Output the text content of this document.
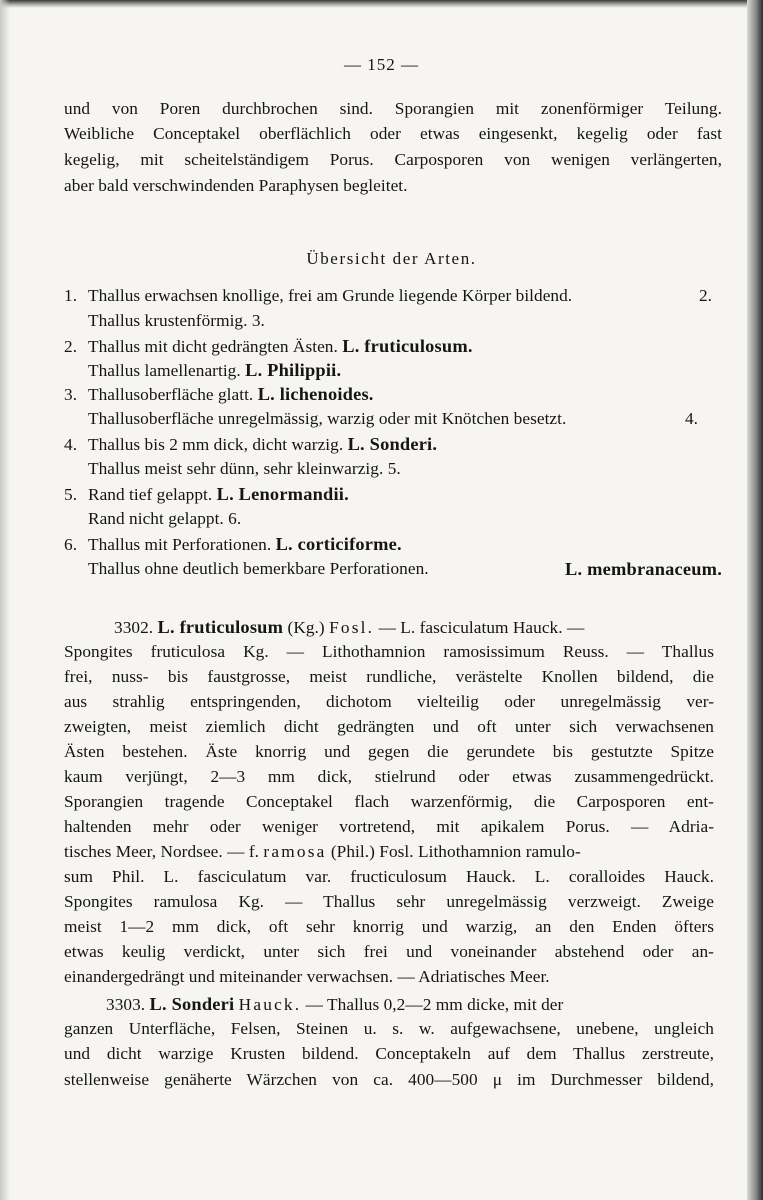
— 152 —
und von Poren durchbrochen sind. Sporangien mit zonenförmiger Teilung.
Weibliche Conceptakel oberflächlich oder etwas eingesenkt, kegelig oder fast
kegelig, mit scheitelständigem Porus. Carposporen von wenigen verlängerten,
aber bald verschwindenden Paraphysen begleitet.
Übersicht der Arten.
1. Thallus erwachsen knollige, frei am Grunde liegende Körper bildend.	2.
Thallus krustenförmig. 3.
2. Thallus mit dicht gedrängten Ästen. L. fruticulosum.
Thallus lamellenartig. L. Philippii.
3. Thallusoberfläche glatt. L. lichenoides.
Thallusoberfläche unregelmässig, warzig oder mit Knötchen besetzt.	4.
4. Thallus bis 2 mm dick, dicht warzig. L. Sonderi.
Thallus meist sehr dünn, sehr kleinwarzig. 5.
5. Rand tief gelappt. L. Lenormandii.
Rand nicht gelappt. 6.
6. Thallus mit Perforationen. L. corticiforme.
Thallus ohne deutlich bemerkbare Perforationen.	L. membranaceum.
3302. L. fruticulosum (Kg.) Fosl. — L. fasciculatum Hauck. —
Spongites fruticulosa Kg. — Lithothamnion ramosissimum Reuss. — Thallus
frei, nuss- bis faustgrosse, meist rundliche, verästelte Knollen bildend, die
aus strahlig entspringenden, dichotom vielteilig oder unregelmässig ver-
zweigten, meist ziemlich dicht gedrängten und oft unter sich verwachsenen
Ästen bestehen. Äste knorrig und gegen die gerundete bis gestutzte Spitze
kaum verjüngt, 2—3 mm dick, stielrund oder etwas zusammengedrückt.
Sporangien tragende Conceptakel flach warzenförmig, die Carposporen ent-
haltenden mehr oder weniger vortretend, mit apikalem Porus. — Adria-
tisches Meer, Nordsee. — f. ramosa (Phil.) Fosl. Lithothamnion ramulo-
sum Phil. L. fasciculatum var. fructiculosum Hauck. L. coralloides Hauck.
Spongites ramulosa Kg. — Thallus sehr unregelmässig verzweigt. Zweige
meist 1—2 mm dick, oft sehr knorrig und warzig, an den Enden öfters
etwas keulig verdickt, unter sich frei und voneinander abstehend oder an-
einandergedrängt und miteinander verwachsen. — Adriatisches Meer.
3303. L. Sonderi Hauck. — Thallus 0,2—2 mm dicke, mit der
ganzen Unterfläche, Felsen, Steinen u. s. w. aufgewachsene, unebene, ungleich
und dicht warzige Krusten bildend. Conceptakeln auf dem Thallus zerstreute,
stellenweise genäherte Wärzchen von ca. 400—500 μ im Durchmesser bildend,
